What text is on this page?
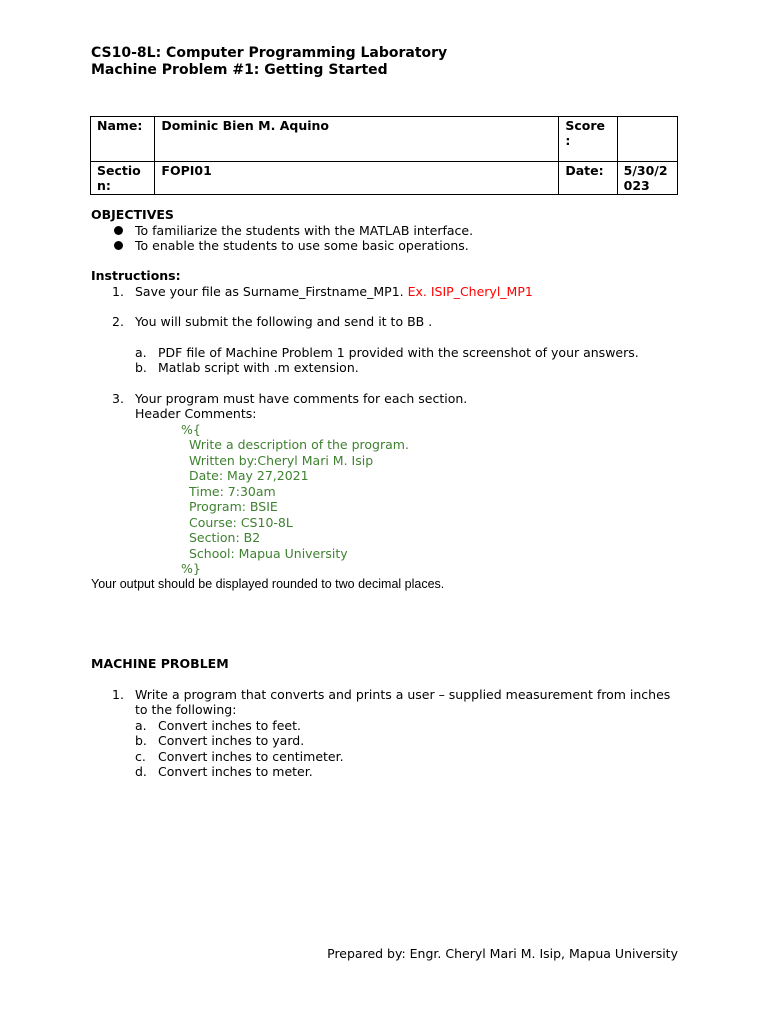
CS10-8L: Computer Programming Laboratory

Machine Problem #1: Getting Started

Name:	Dominic Bien M. Aquino	Score :	

Section:	FOPI01	Date:	5/30/2023
OBJECTIVES
To familiarize the students with the MATLAB interface.
To enable the students to use some basic operations.
Instructions:
1. Save your file as Surname_Firstname_MP1. Ex. ISIP_Cheryl_MP1
2. You will submit the following and send it to BB .
a. PDF file of Machine Problem 1 provided with the screenshot of your answers.
b. Matlab script with .m extension.
3. Your program must have comments for each section.
Header Comments:
%{
Write a description of the program.
Written by:Cheryl Mari M. Isip
Date: May 27,2021
Time: 7:30am
Program: BSIE
Course: CS10-8L
Section: B2
School: Mapua University
%}
Your output should be displayed rounded to two decimal places.
MACHINE PROBLEM
1. Write a program that converts and prints a user – supplied measurement from inches to the following:
a. Convert inches to feet.
b. Convert inches to yard.
c. Convert inches to centimeter.
d. Convert inches to meter.
Prepared by: Engr. Cheryl Mari M. Isip, Mapua University
